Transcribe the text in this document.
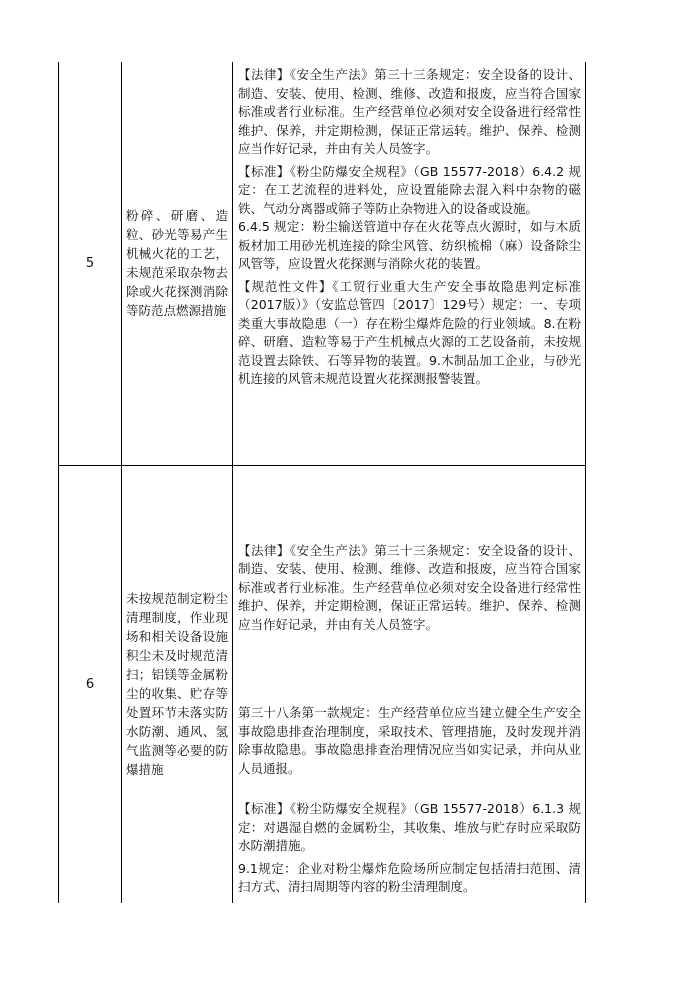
5	粉碎、研磨、造粒、砂光等易产生机械火花的工艺，未规范采取杂物去除或火花探测消除等防范点燃源措施	【法律】《安全生产法》第三十三条规定：安全设备的设计、制造、安装、使用、检测、维修、改造和报废，应当符合国家标准或者行业标准。生产经营单位必须对安全设备进行经常性维护、保养，并定期检测，保证正常运转。维护、保养、检测应当作好记录，并由有关人员签字。

【标准】《粉尘防爆安全规程》（GB 15577-2018）6.4.2 规定：在工艺流程的进料处，应设置能除去混入料中杂物的磁铁、气动分离器或筛子等防止杂物进入的设备或设施。

6.4.5 规定：粉尘输送管道中存在火花等点火源时，如与木质板材加工用砂光机连接的除尘风管、纺织梳棉（麻）设备除尘风管等，应设置火花探测与消除火花的装置。

【规范性文件】《工贸行业重大生产安全事故隐患判定标准（2017版）》（安监总管四〔2017〕129号）规定：一、专项类重大事故隐患（一）存在粉尘爆炸危险的行业领域。8.在粉碎、研磨、造粒等易于产生机械点火源的工艺设备前，未按规范设置去除铁、石等异物的装置。9.木制品加工企业，与砂光机连接的风管未规范设置火花探测报警装置。

6	未按规范制定粉尘清理制度，作业现场和相关设备设施积尘未及时规范清扫；铝镁等金属粉尘的收集、贮存等处置环节未落实防水防潮、通风、氢气监测等必要的防爆措施	【法律】《安全生产法》第三十三条规定：安全设备的设计、制造、安装、使用、检测、维修、改造和报废，应当符合国家标准或者行业标准。生产经营单位必须对安全设备进行经常性维护、保养，并定期检测，保证正常运转。维护、保养、检测应当作好记录，并由有关人员签字。

第三十八条第一款规定：生产经营单位应当建立健全生产安全事故隐患排查治理制度，采取技术、管理措施，及时发现并消除事故隐患。事故隐患排查治理情况应当如实记录，并向从业人员通报。

【标准】《粉尘防爆安全规程》（GB 15577-2018）6.1.3 规定：对遇湿自燃的金属粉尘，其收集、堆放与贮存时应采取防水防潮措施。

9.1规定：企业对粉尘爆炸危险场所应制定包括清扫范围、清扫方式、清扫周期等内容的粉尘清理制度。
